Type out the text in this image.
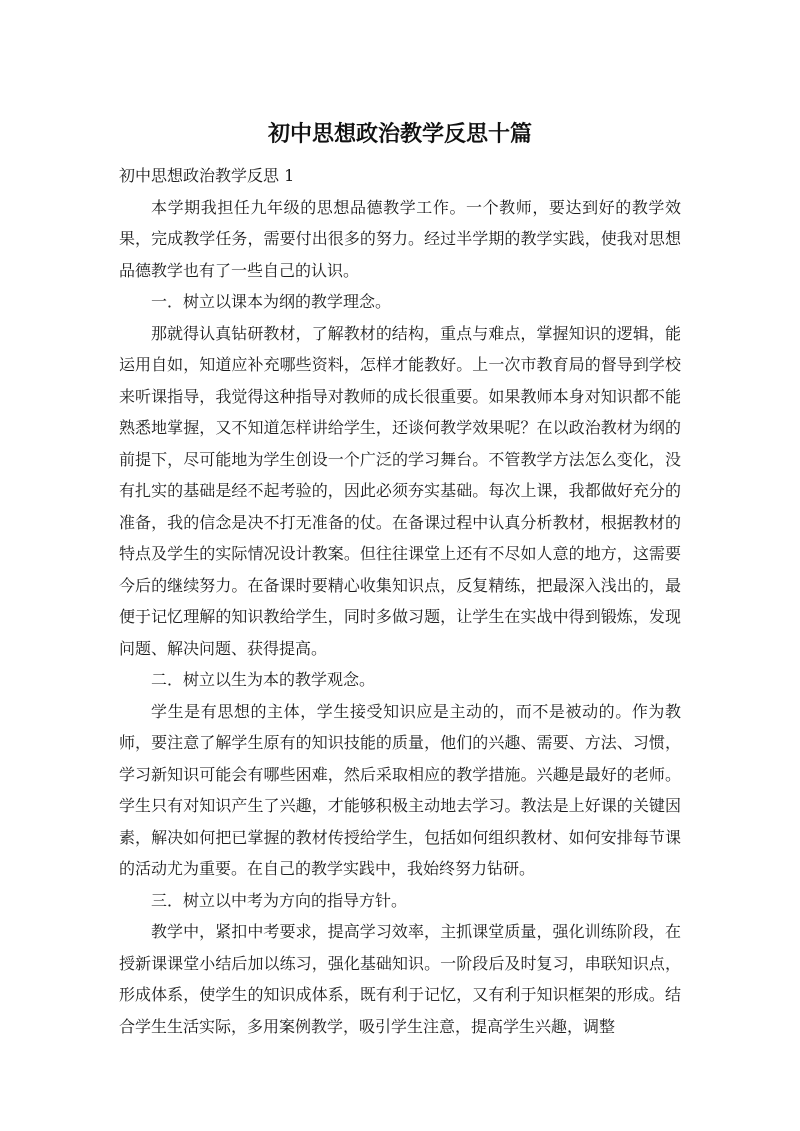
初中思想政治教学反思十篇

初中思想政治教学反思 1

本学期我担任九年级的思想品德教学工作。一个教师，要达到好的教学效果，完成教学任务，需要付出很多的努力。经过半学期的教学实践，使我对思想品德教学也有了一些自己的认识。

一．树立以课本为纲的教学理念。

那就得认真钻研教材，了解教材的结构，重点与难点，掌握知识的逻辑，能运用自如，知道应补充哪些资料，怎样才能教好。上一次市教育局的督导到学校来听课指导，我觉得这种指导对教师的成长很重要。如果教师本身对知识都不能熟悉地掌握，又不知道怎样讲给学生，还谈何教学效果呢？在以政治教材为纲的前提下，尽可能地为学生创设一个广泛的学习舞台。不管教学方法怎么变化，没有扎实的基础是经不起考验的，因此必须夯实基础。每次上课，我都做好充分的准备，我的信念是决不打无准备的仗。在备课过程中认真分析教材，根据教材的特点及学生的实际情况设计教案。但往往课堂上还有不尽如人意的地方，这需要今后的继续努力。在备课时要精心收集知识点，反复精练，把最深入浅出的，最便于记忆理解的知识教给学生，同时多做习题，让学生在实战中得到锻炼，发现问题、解决问题、获得提高。

二．树立以生为本的教学观念。

学生是有思想的主体，学生接受知识应是主动的，而不是被动的。作为教师，要注意了解学生原有的知识技能的质量，他们的兴趣、需要、方法、习惯，学习新知识可能会有哪些困难，然后采取相应的教学措施。兴趣是最好的老师。学生只有对知识产生了兴趣，才能够积极主动地去学习。教法是上好课的关键因素，解决如何把已掌握的教材传授给学生，包括如何组织教材、如何安排每节课的活动尤为重要。在自己的教学实践中，我始终努力钻研。

三．树立以中考为方向的指导方针。

教学中，紧扣中考要求，提高学习效率，主抓课堂质量，强化训练阶段，在授新课课堂小结后加以练习，强化基础知识。一阶段后及时复习，串联知识点，形成体系，使学生的知识成体系，既有利于记忆，又有利于知识框架的形成。结合学生生活实际，多用案例教学，吸引学生注意，提高学生兴趣，调整
